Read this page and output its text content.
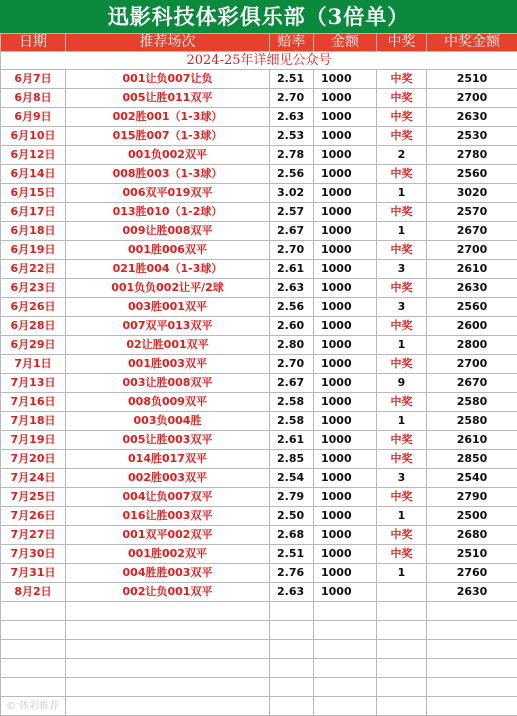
迅影科技体彩俱乐部（3倍单）
日期	推荐场次	赔率	金额	中奖	中奖金额
2024-25年详细见公众号					
6月7日	001让负007让负	2.51	1000	中奖	2510
6月8日	005让胜011双平	2.70	1000	中奖	2700
6月9日	002胜001（1-3球）	2.63	1000	中奖	2630
6月10日	015胜007（1-3球）	2.53	1000	中奖	2530
6月12日	001负002双平	2.78	1000	2	2780
6月14日	008胜003（1-3球）	2.56	1000	中奖	2560
6月15日	006双平019双平	3.02	1000	1	3020
6月17日	013胜010（1-2球）	2.57	1000	中奖	2570
6月18日	009让胜008双平	2.67	1000	1	2670
6月19日	001胜006双平	2.70	1000	中奖	2700
6月22日	021胜004（1-3球）	2.61	1000	3	2610
6月23日	001负负002让平/2球	2.63	1000	中奖	2630
6月26日	003胜001双平	2.56	1000	3	2560
6月28日	007双平013双平	2.60	1000	中奖	2600
6月29日	02让胜001双平	2.80	1000	1	2800
7月1日	001胜003双平	2.70	1000	中奖	2700
7月13日	003让胜008双平	2.67	1000	9	2670
7月16日	008负009双平	2.58	1000	中奖	2580
7月18日	003负004胜	2.58	1000	1	2580
7月19日	005让胜003双平	2.61	1000	中奖	2610
7月20日	014胜017双平	2.85	1000	中奖	2850
7月24日	002胜003双平	2.54	1000	3	2540
7月25日	004让负007双平	2.79	1000	中奖	2790
7月26日	016让胜003双平	2.50	1000	1	2500
7月27日	001双平002双平	2.68	1000	中奖	2680
7月30日	001胜002双平	2.51	1000	中奖	2510
7月31日	004胜胜003双平	2.76	1000	1	2760
8月2日	002让负001双平	2.63	1000		2630

© 体彩推荐
